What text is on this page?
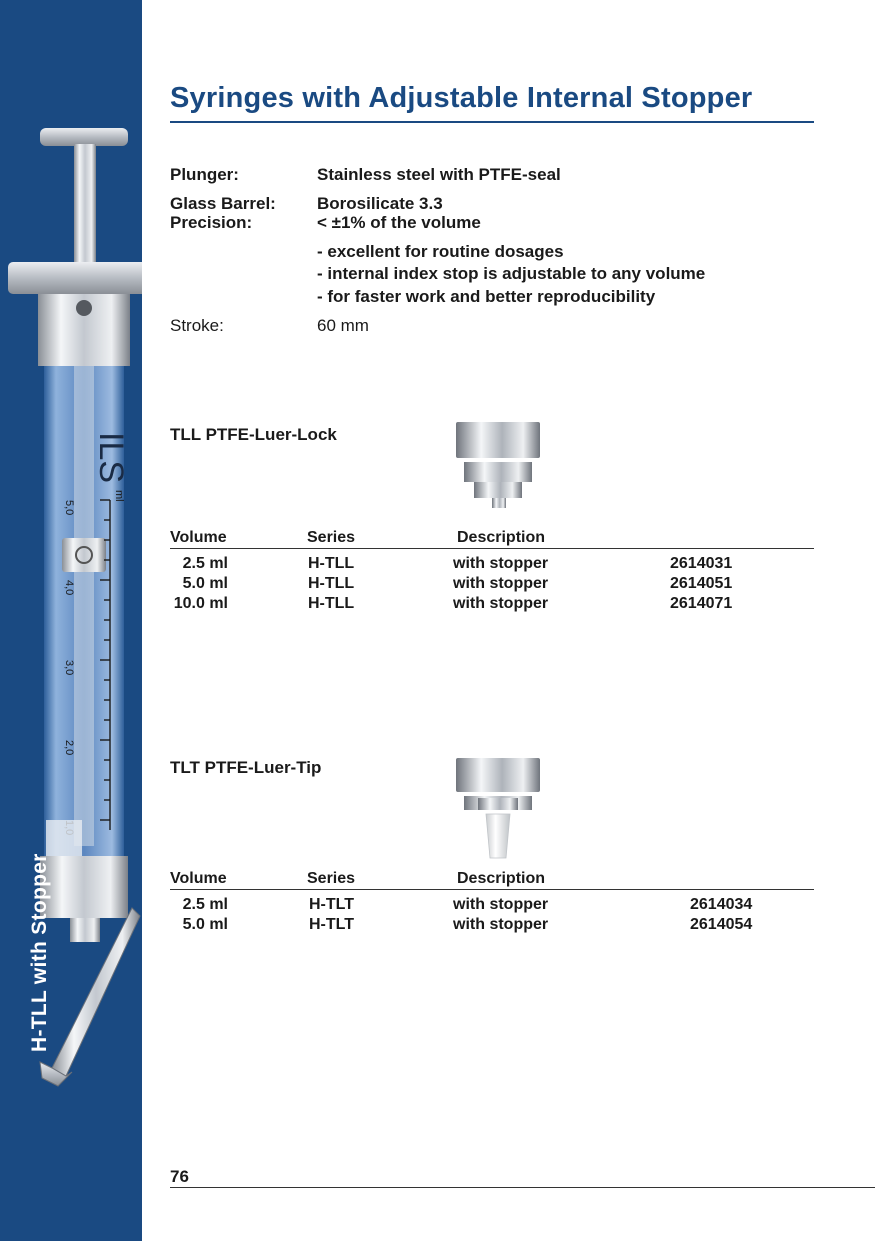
ILS
5,0
4,0
3,0
2,0
ml
H-TLL with Stopper
Syringes with Adjustable Internal Stopper
Plunger:	Stainless steel with PTFE-seal
Glass Barrel: Borosilicate 3.3
Precision:	< ±1% of the volume
- excellent for routine dosages
- internal index stop is adjustable to any volume
- for faster work and better reproducibility
Stroke:	60 mm
TLL PTFE-Luer-Lock
Volume	Series	Description
2.5 ml	H-TLL	with stopper	2614031
5.0 ml	H-TLL	with stopper	2614051
10.0 ml	H-TLL	with stopper	2614071
TLT PTFE-Luer-Tip
Volume	Series	Description
2.5 ml	H-TLT	with stopper	2614034
5.0 ml	H-TLT	with stopper	2614054
76
